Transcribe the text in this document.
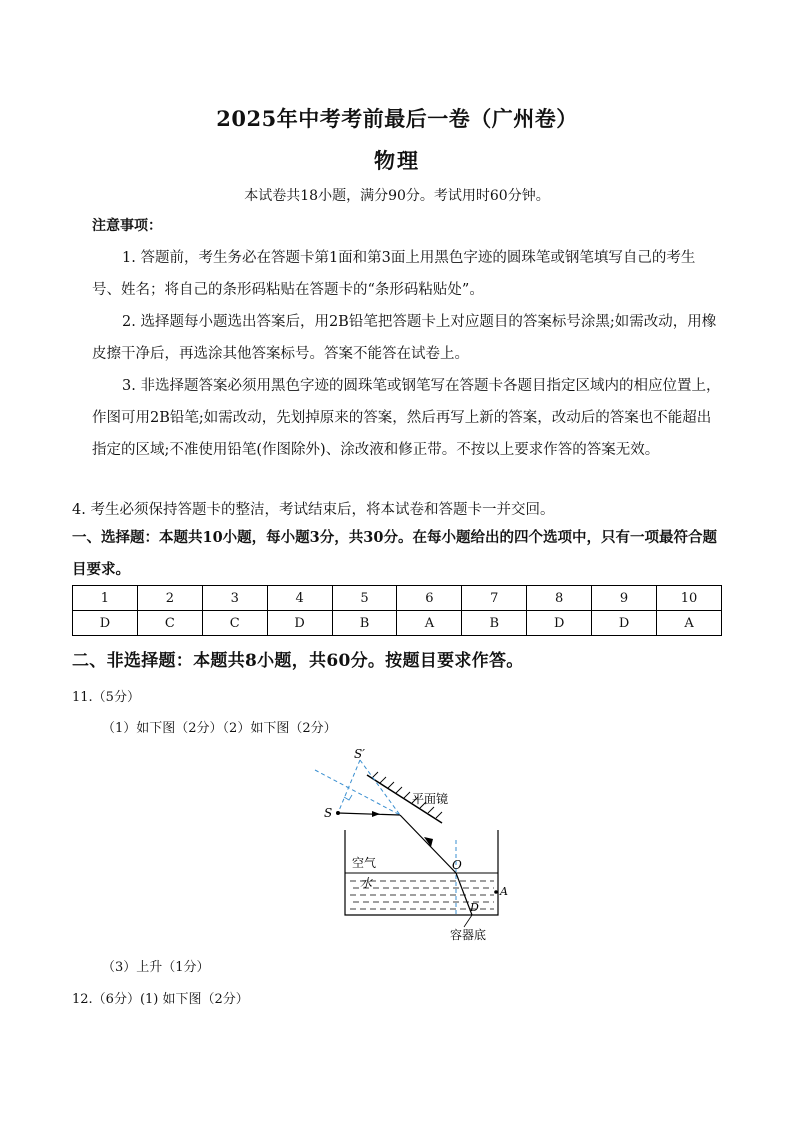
2025年中考考前最后一卷（广州卷）
物理
本试卷共18小题，满分90分。考试用时60分钟。
注意事项：
1. 答题前，考生务必在答题卡第1面和第3面上用黑色字迹的圆珠笔或钢笔填写自己的考生号、姓名；将自己的条形码粘贴在答题卡的“条形码粘贴处”。
2. 选择题每小题选出答案后，用2B铅笔把答题卡上对应题目的答案标号涂黑;如需改动，用橡皮擦干净后，再选涂其他答案标号。答案不能答在试卷上。
3. 非选择题答案必须用黑色字迹的圆珠笔或钢笔写在答题卡各题目指定区域内的相应位置上，作图可用2B铅笔;如需改动，先划掉原来的答案，然后再写上新的答案，改动后的答案也不能超出指定的区域;不准使用铅笔(作图除外)、涂改液和修正带。不按以上要求作答的答案无效。
4. 考生必须保持答题卡的整洁，考试结束后，将本试卷和答题卡一并交回。
一、选择题：本题共10小题，每小题3分，共30分。在每小题给出的四个选项中，只有一项最符合题目要求。
1	2	3	4	5	6	7	8	9	10
D	C	C	D	B	A	B	D	D	A
二、非选择题：本题共8小题，共60分。按题目要求作答。
11.（5分）
（1）如下图（2分）（2）如下图（2分）
S′
S
平面镜
空气
水
O
A
D
容器底
（3）上升（1分）
12.（6分）(1) 如下图（2分）
